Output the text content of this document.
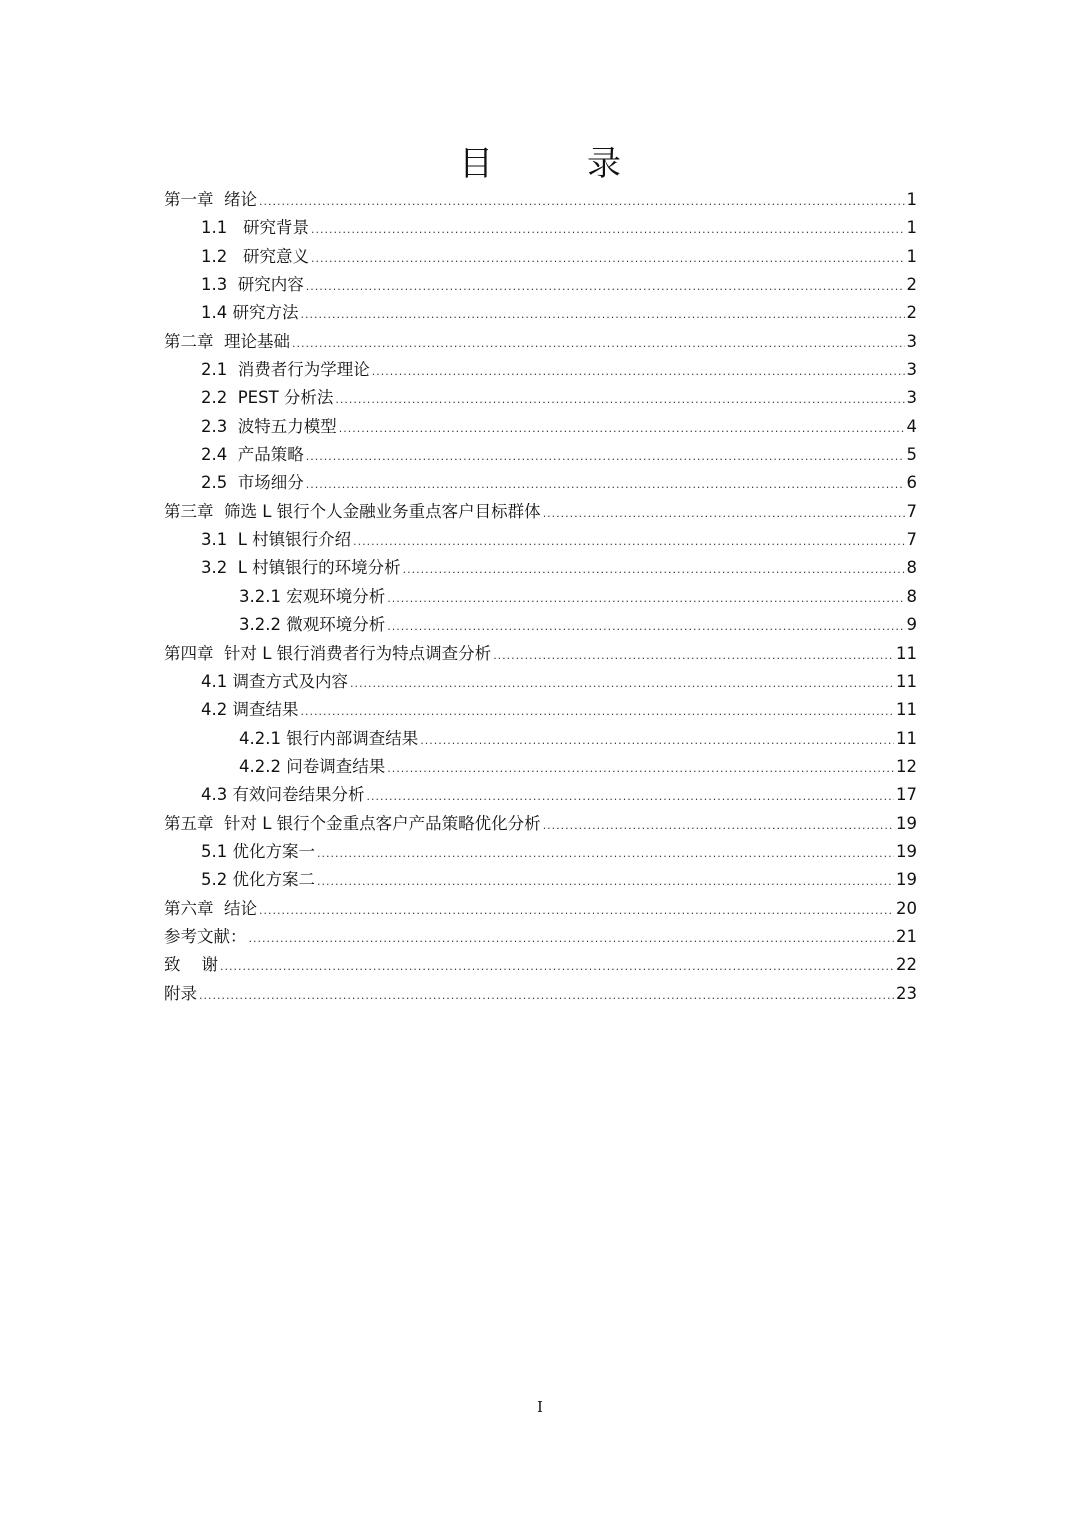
目　录
第一章  绪论 .....	1
1.1   研究背景 .....	1
1.2   研究意义 .....	1
1.3  研究内容 .....	2
1.4 研究方法 .....	2
第二章  理论基础 .....	3
2.1  消费者行为学理论 .....	3
2.2  PEST 分析法 .....	3
2.3  波特五力模型 .....	4
2.4  产品策略 .....	5
2.5  市场细分 .....	6
第三章  筛选 L 银行个人金融业务重点客户目标群体 .....	7
3.1  L 村镇银行介绍 .....	7
3.2  L 村镇银行的环境分析 .....	8
3.2.1 宏观环境分析 .....	8
3.2.2 微观环境分析 .....	9
第四章  针对 L 银行消费者行为特点调查分析 .....	11
4.1 调查方式及内容 .....	11
4.2 调查结果 .....	11
4.2.1 银行内部调查结果 .....	11
4.2.2 问卷调查结果 .....	12
4.3 有效问卷结果分析 .....	17
第五章  针对 L 银行个金重点客户产品策略优化分析 .....	19
5.1 优化方案一 .....	19
5.2 优化方案二 .....	19
第六章  结论 .....	20
参考文献： .....	21
致    谢 .....	22
附录 .....	23
I
